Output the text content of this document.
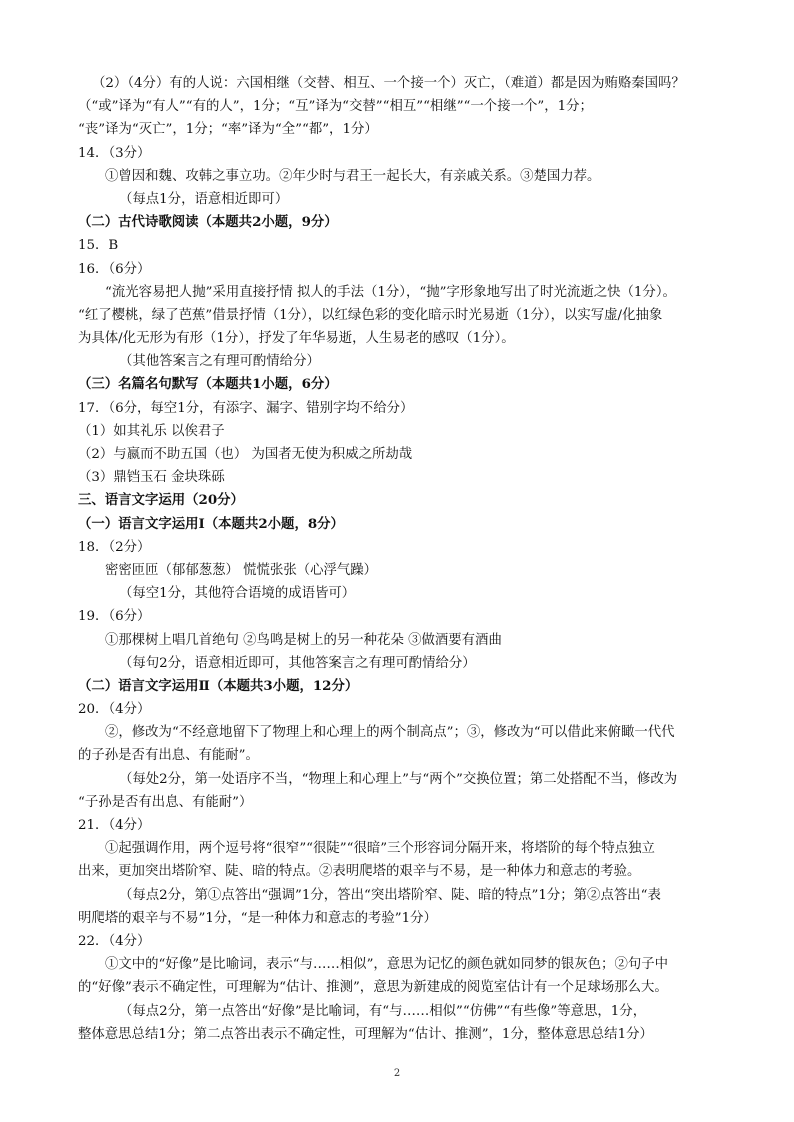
（2）（4分）有的人说：六国相继（交替、相互、一个接一个）灭亡，（难道）都是因为贿赂秦国吗？
（“或”译为“有人”“有的人”，1分；“互”译为“交替”“相互”“相继”“一个接一个”，1分；
“丧”译为“灭亡”，1分；“率”译为“全”“都”，1分）
14．（3分）
①曾因和魏、攻韩之事立功。②年少时与君王一起长大，有亲戚关系。③楚国力荐。
（每点1分，语意相近即可）
（二）古代诗歌阅读（本题共2小题，9分）
15．B
16．（6分）
“流光容易把人抛”采用直接抒情 拟人的手法（1分），“抛”字形象地写出了时光流逝之快（1分）。
“红了樱桃，绿了芭蕉”借景抒情（1分），以红绿色彩的变化暗示时光易逝（1分），以实写虚/化抽象
为具体/化无形为有形（1分），抒发了年华易逝，人生易老的感叹（1分）。
（其他答案言之有理可酌情给分）
（三）名篇名句默写（本题共1小题，6分）
17．（6分，每空1分，有添字、漏字、错别字均不给分）
（1）如其礼乐 以俟君子
（2）与嬴而不助五国（也） 为国者无使为积威之所劫哉
（3）鼎铛玉石 金块珠砾
三、语言文字运用（20分）
（一）语言文字运用Ⅰ（本题共2小题，8分）
18．（2分）
密密匝匝（郁郁葱葱） 慌慌张张（心浮气躁）
（每空1分，其他符合语境的成语皆可）
19．（6分）
①那棵树上唱几首绝句 ②鸟鸣是树上的另一种花朵 ③做酒要有酒曲
（每句2分，语意相近即可，其他答案言之有理可酌情给分）
（二）语言文字运用Ⅱ（本题共3小题，12分）
20．（4分）
②，修改为“不经意地留下了物理上和心理上的两个制高点”；③，修改为“可以借此来俯瞰一代代
的子孙是否有出息、有能耐”。
（每处2分，第一处语序不当，“物理上和心理上”与“两个”交换位置；第二处搭配不当，修改为
“子孙是否有出息、有能耐”）
21．（4分）
①起强调作用，两个逗号将“很窄”“很陡”“很暗”三个形容词分隔开来，将塔阶的每个特点独立
出来，更加突出塔阶窄、陡、暗的特点。②表明爬塔的艰辛与不易，是一种体力和意志的考验。
（每点2分，第①点答出“强调”1分，答出“突出塔阶窄、陡、暗的特点”1分；第②点答出“表
明爬塔的艰辛与不易”1分，“是一种体力和意志的考验”1分）
22．（4分）
①文中的“好像”是比喻词，表示“与……相似”，意思为记忆的颜色就如同梦的银灰色；②句子中
的“好像”表示不确定性，可理解为“估计、推测”，意思为新建成的阅览室估计有一个足球场那么大。
（每点2分，第一点答出“好像”是比喻词，有“与……相似”“仿佛”“有些像”等意思，1分，
整体意思总结1分；第二点答出表示不确定性，可理解为“估计、推测”，1分，整体意思总结1分）
2
